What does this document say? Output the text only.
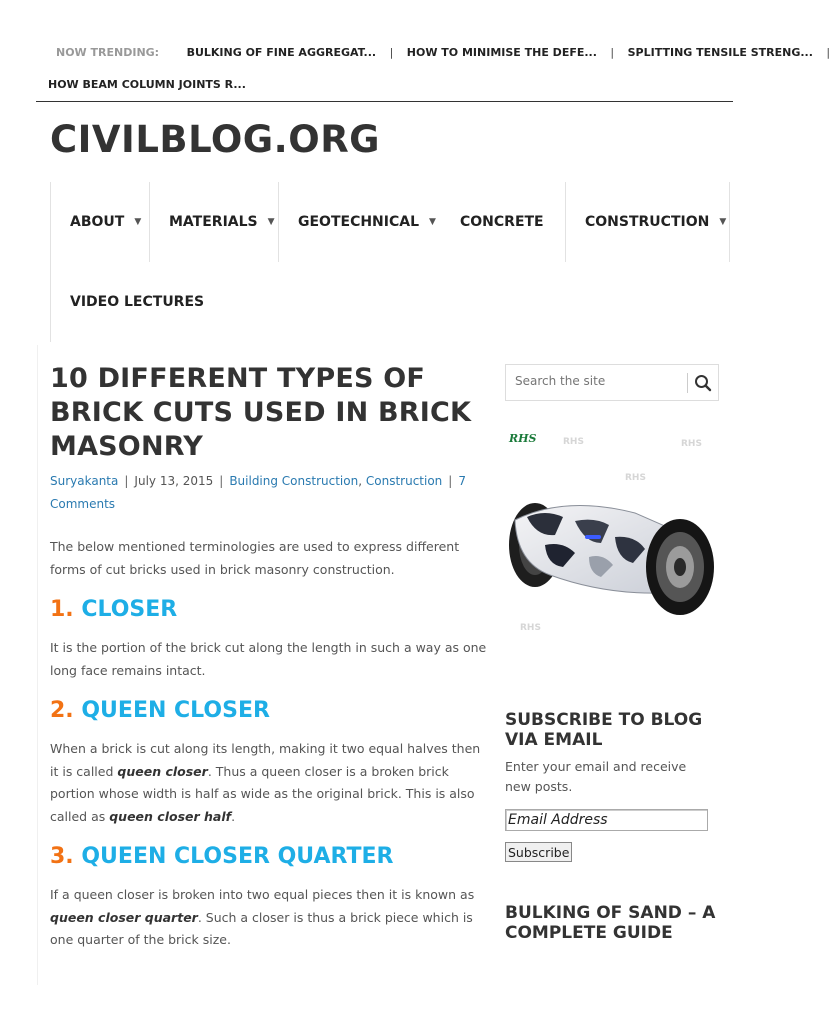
NOW TRENDING:	BULKING OF FINE AGGREGAT... | HOW TO MINIMISE THE DEFE... | SPLITTING TENSILE STRENG... |
HOW BEAM COLUMN JOINTS R...
CIVILBLOG.ORG
ABOUT ▼ MATERIALS ▼ GEOTECHNICAL ▼ CONCRETE	CONSTRUCTION ▼
VIDEO LECTURES
10 DIFFERENT TYPES OF BRICK CUTS USED IN BRICK MASONRY
Suryakanta | July 13, 2015 | Building Construction, Construction | 7 Comments

The below mentioned terminologies are used to express different forms of cut bricks used in brick masonry construction.

1. CLOSER

It is the portion of the brick cut along the length in such a way as one long face remains intact.

2. QUEEN CLOSER

When a brick is cut along its length, making it two equal halves then it is called queen closer. Thus a queen closer is a broken brick portion whose width is half as wide as the original brick. This is also called as queen closer half.

3. QUEEN CLOSER QUARTER

If a queen closer is broken into two equal pieces then it is known as queen closer quarter. Such a closer is thus a brick piece which is one quarter of the brick size.

Search the site
RHS	RHS	RHS
RHS
RHS
SUBSCRIBE TO BLOG VIA EMAIL
Enter your email and receive new posts.
Email Address
Subscribe
BULKING OF SAND – A COMPLETE GUIDE
